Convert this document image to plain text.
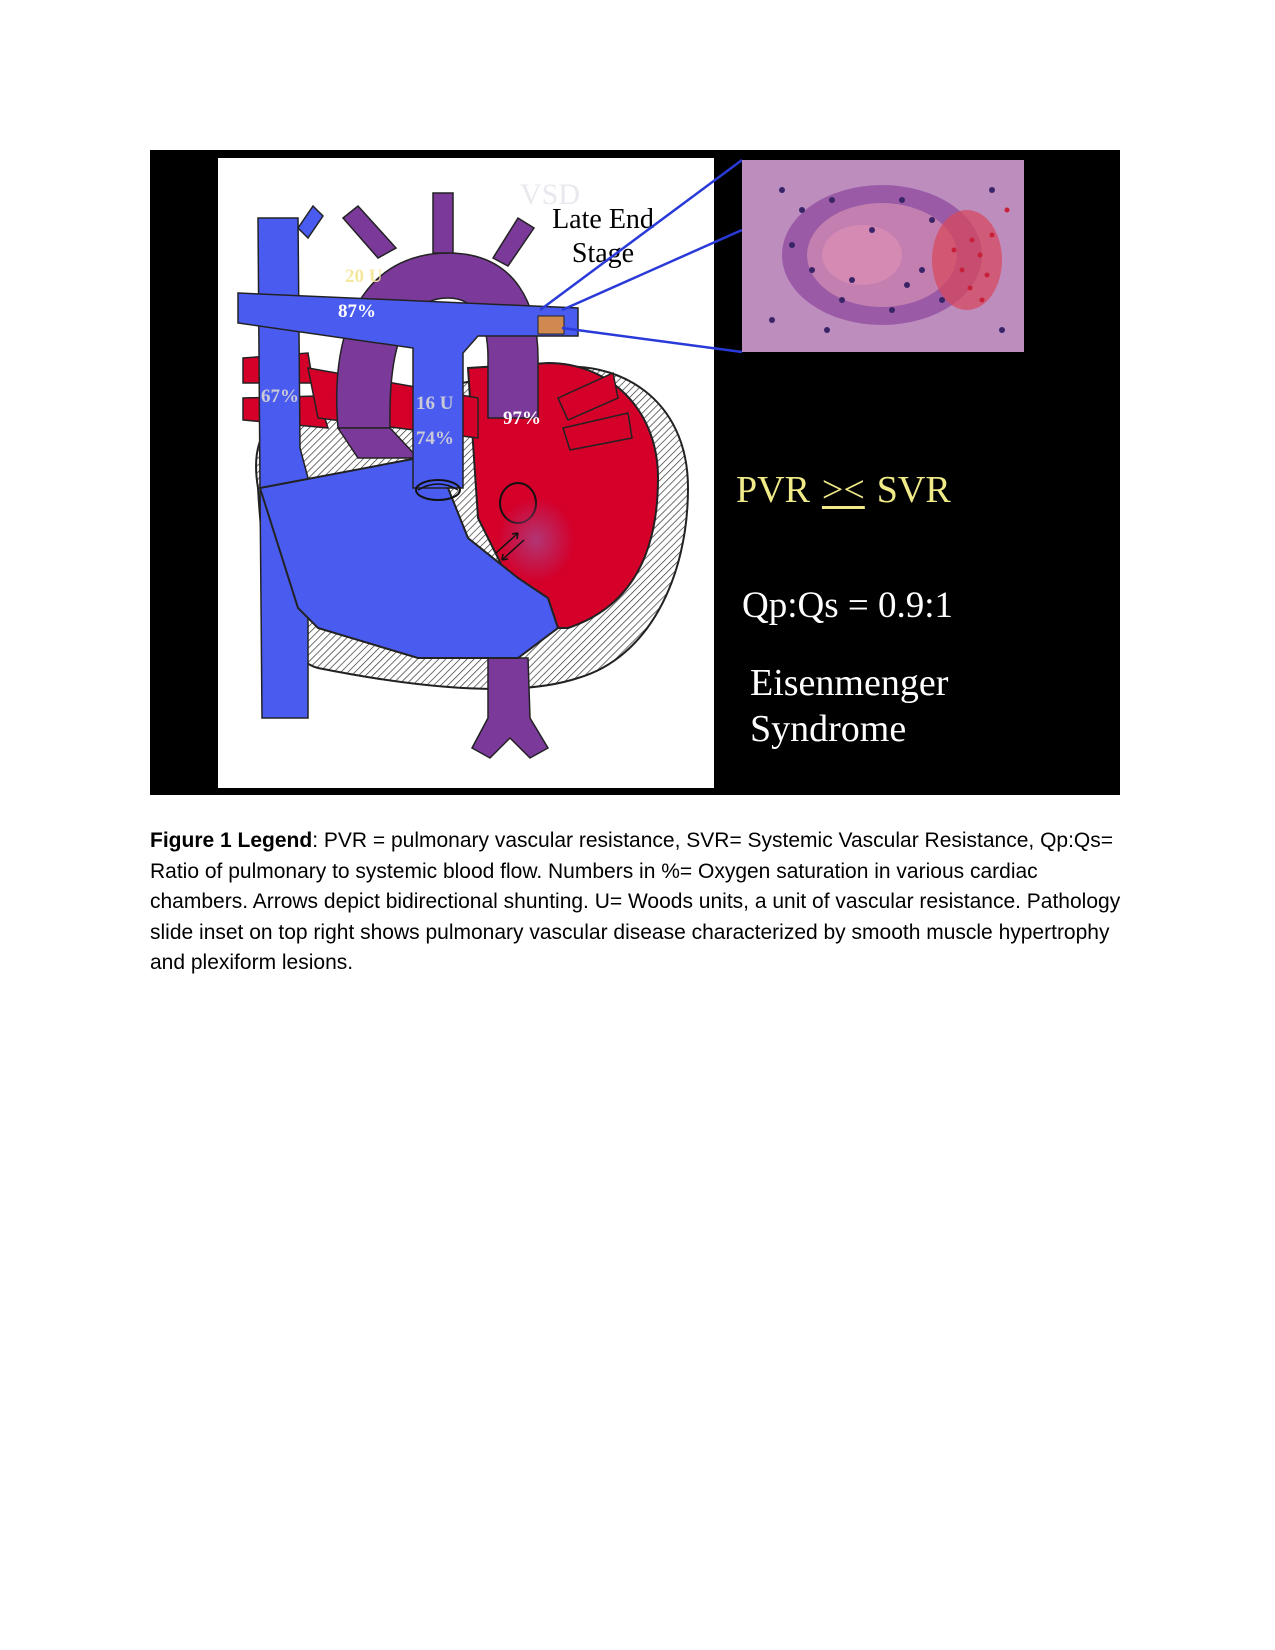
VSD
Late End
Stage
20 U
87%
67%	16 U
74%
97%
PVR >< SVR
Qp:Qs = 0.9:1
Eisenmenger
Syndrome
Figure 1 Legend: PVR = pulmonary vascular resistance, SVR= Systemic Vascular Resistance, Qp:Qs= Ratio of pulmonary to systemic blood flow. Numbers in %= Oxygen saturation in various cardiac chambers. Arrows depict bidirectional shunting. U= Woods units, a unit of vascular resistance. Pathology slide inset on top right shows pulmonary vascular disease characterized by smooth muscle hypertrophy and plexiform lesions.
